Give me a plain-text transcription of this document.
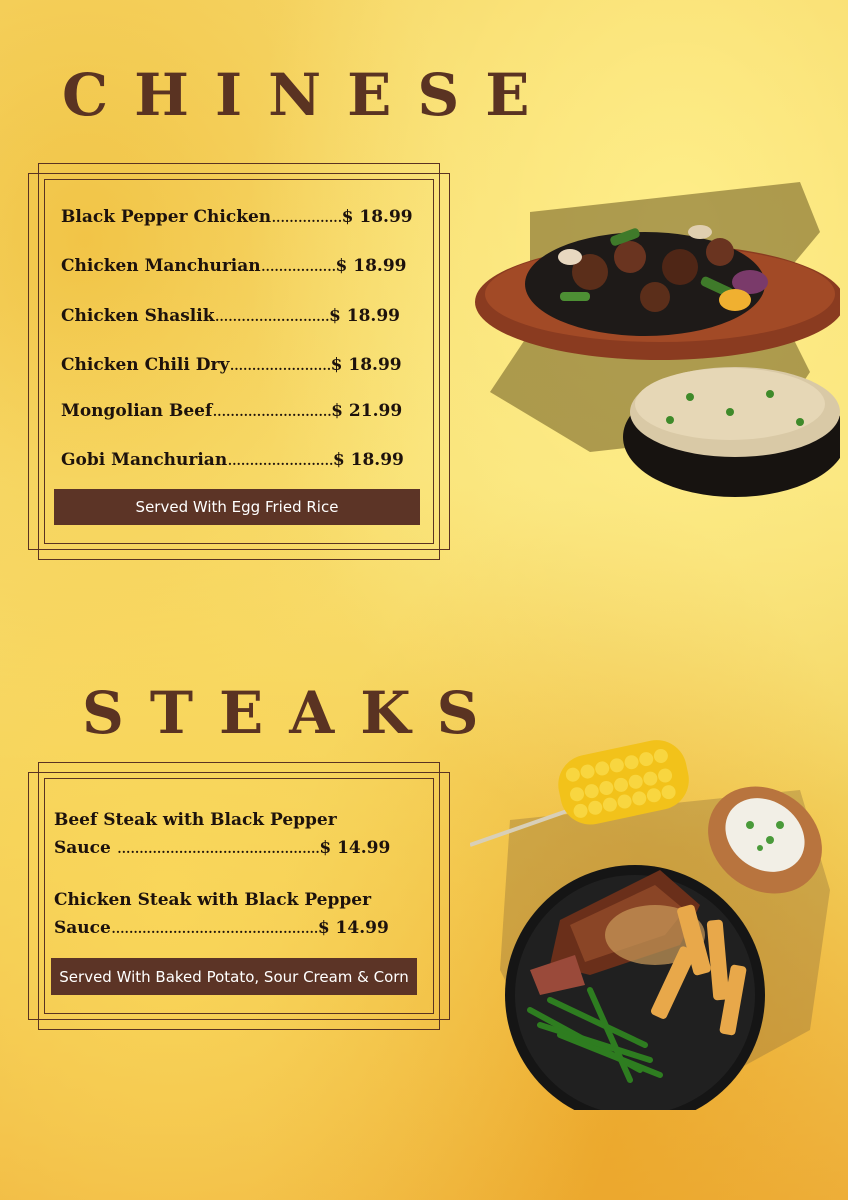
CHINESE
Black Pepper Chicken................$ 18.99
Chicken Manchurian.................$ 18.99
Chicken Shaslik..........................$ 18.99
Chicken Chili Dry.......................$ 18.99
Mongolian Beef...........................$ 21.99
Gobi Manchurian........................$ 18.99
Served With Egg Fried Rice
STEAKS
Beef Steak with Black Pepper
Sauce ..............................................$ 14.99
Chicken Steak with Black Pepper
Sauce...............................................$ 14.99
Served With Baked Potato, Sour Cream & Corn
